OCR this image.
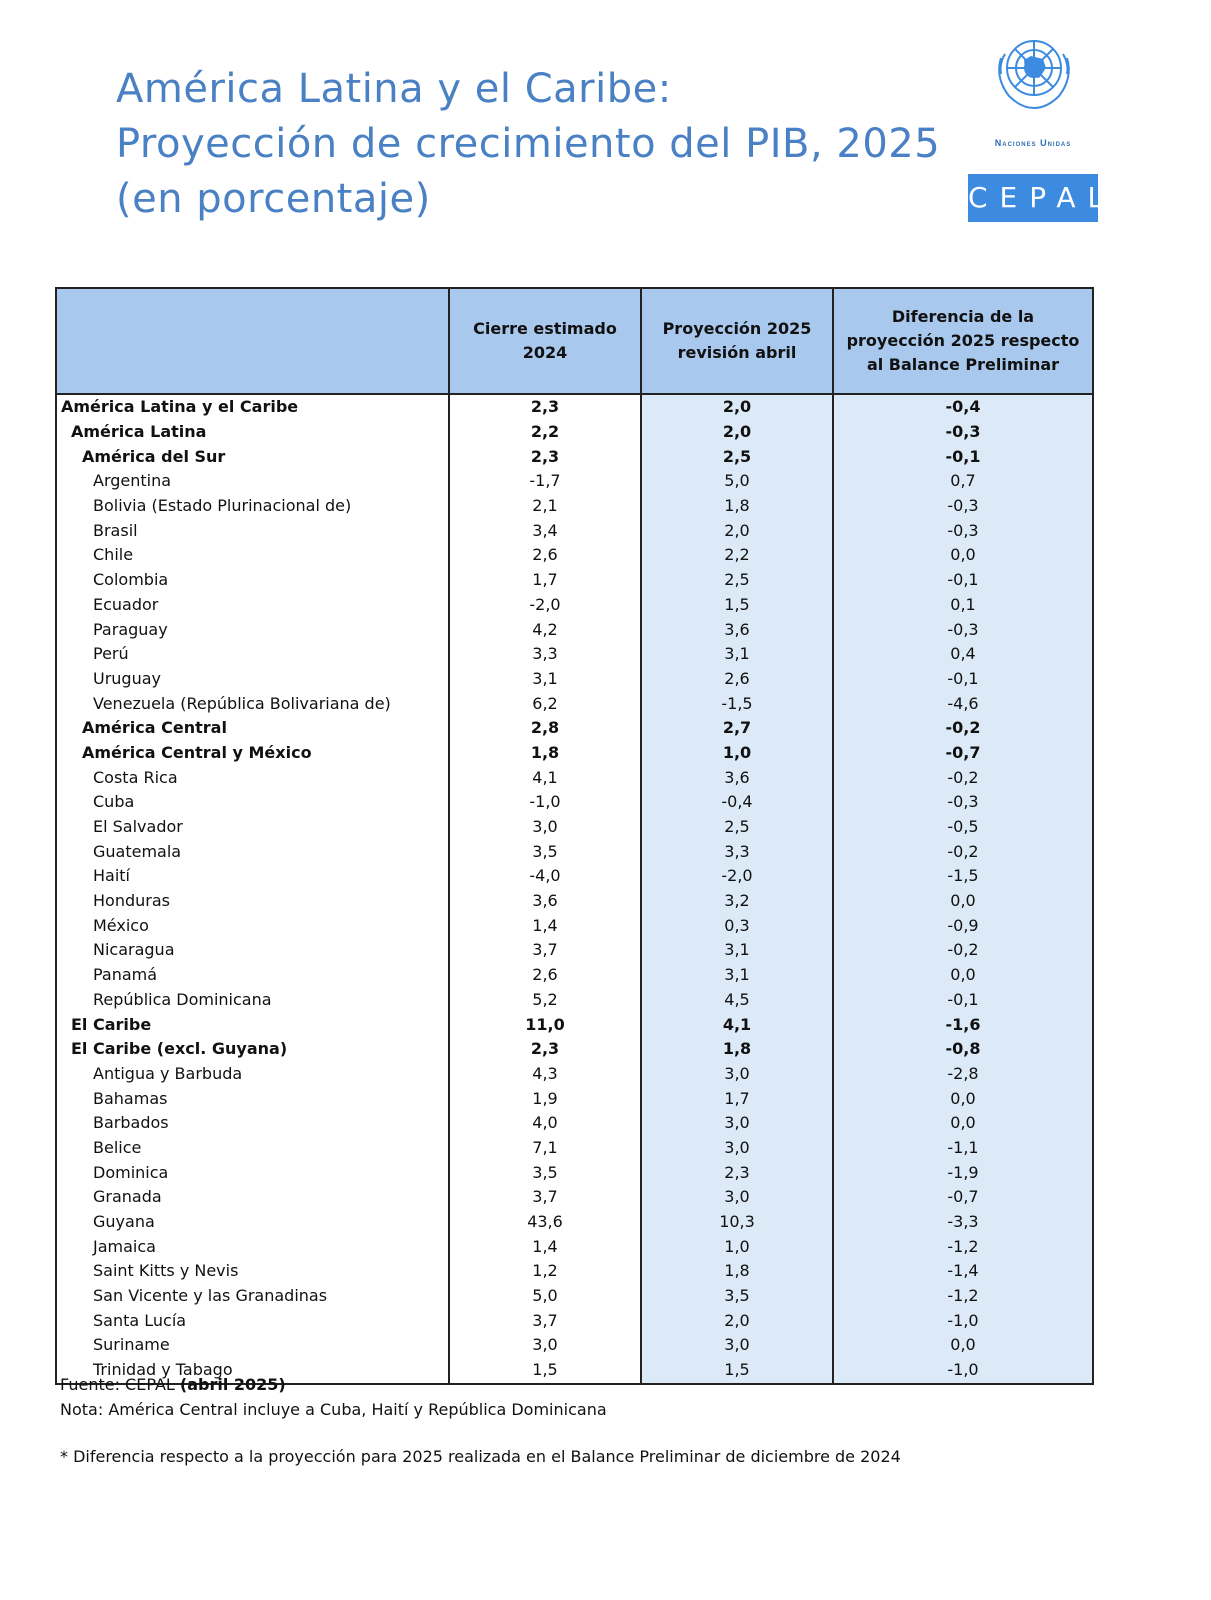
América Latina y el Caribe:
Proyección de crecimiento del PIB, 2025
(en porcentaje)
Naciones Unidas
CEPAL
	Cierre estimado 2024	Proyección 2025 revisión abril	Diferencia de la proyección 2025 respecto al Balance Preliminar
América Latina y el Caribe	2,3	2,0	-0,4
América Latina	2,2	2,0	-0,3
América del Sur	2,3	2,5	-0,1
Argentina	-1,7	5,0	0,7
Bolivia (Estado Plurinacional de)	2,1	1,8	-0,3
Brasil	3,4	2,0	-0,3
Chile	2,6	2,2	0,0
Colombia	1,7	2,5	-0,1
Ecuador	-2,0	1,5	0,1
Paraguay	4,2	3,6	-0,3
Perú	3,3	3,1	0,4
Uruguay	3,1	2,6	-0,1
Venezuela (República Bolivariana de)	6,2	-1,5	-4,6
América Central	2,8	2,7	-0,2
América Central y México	1,8	1,0	-0,7
Costa Rica	4,1	3,6	-0,2
Cuba	-1,0	-0,4	-0,3
El Salvador	3,0	2,5	-0,5
Guatemala	3,5	3,3	-0,2
Haití	-4,0	-2,0	-1,5
Honduras	3,6	3,2	0,0
México	1,4	0,3	-0,9
Nicaragua	3,7	3,1	-0,2
Panamá	2,6	3,1	0,0
República Dominicana	5,2	4,5	-0,1
El Caribe	11,0	4,1	-1,6
El Caribe (excl. Guyana)	2,3	1,8	-0,8
Antigua y Barbuda	4,3	3,0	-2,8
Bahamas	1,9	1,7	0,0
Barbados	4,0	3,0	0,0
Belice	7,1	3,0	-1,1
Dominica	3,5	2,3	-1,9
Granada	3,7	3,0	-0,7
Guyana	43,6	10,3	-3,3
Jamaica	1,4	1,0	-1,2
Saint Kitts y Nevis	1,2	1,8	-1,4
San Vicente y las Granadinas	5,0	3,5	-1,2
Santa Lucía	3,7	2,0	-1,0
Suriname	3,0	3,0	0,0
Trinidad y Tabago	1,5	1,5	-1,0
Fuente: CEPAL (abril 2025)
Nota: América Central incluye a Cuba, Haití y República Dominicana
* Diferencia respecto a la proyección para 2025 realizada en el Balance Preliminar de diciembre de 2024
